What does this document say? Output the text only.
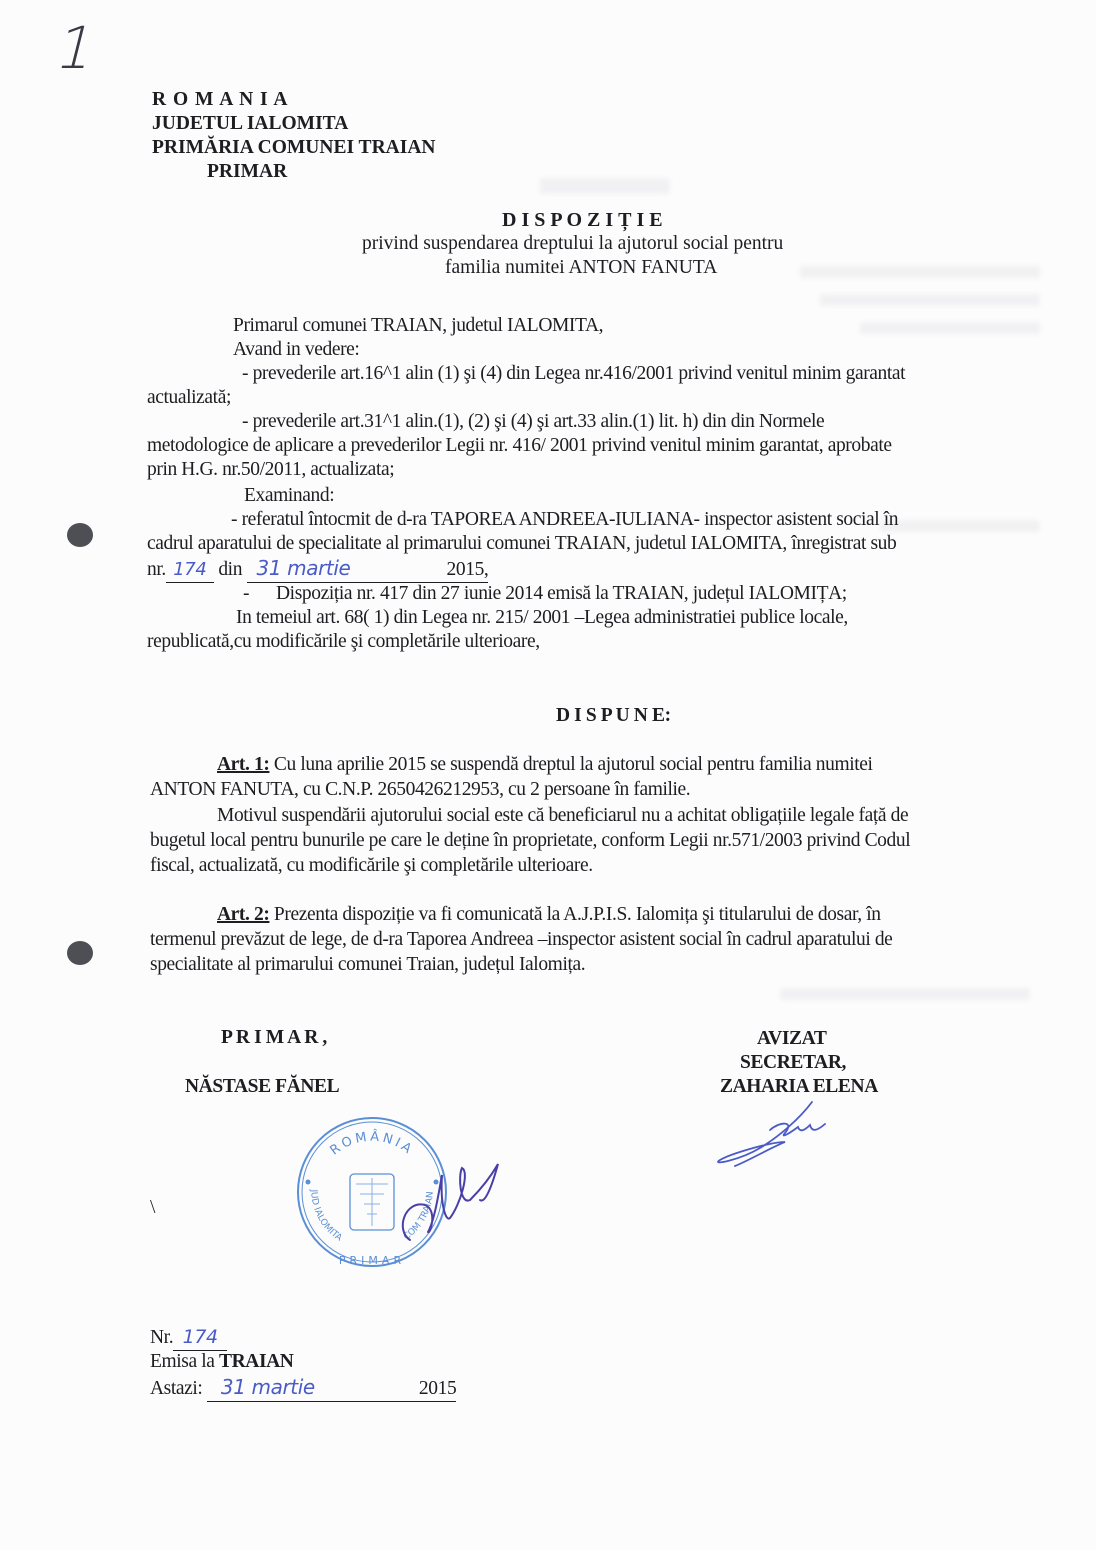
1
R O M A N I A
JUDETUL IALOMITA
PRIMĂRIA COMUNEI TRAIAN
PRIMAR
D I S P O Z I Ț I E
privind suspendarea dreptului la ajutorul social pentru
familia numitei ANTON FANUTA
Primarul comunei TRAIAN, judetul IALOMITA,
Avand in vedere:
- prevederile art.16^1 alin (1) şi (4) din Legea nr.416/2001 privind venitul minim garantat
actualizată;
- prevederile art.31^1 alin.(1), (2) şi (4) şi art.33 alin.(1) lit. h) din din Normele
metodologice de aplicare a prevederilor Legii nr. 416/ 2001 privind venitul minim garantat, aprobate
prin H.G. nr.50/2011, actualizata;
Examinand:
- referatul întocmit de d-ra TAPOREA ANDREEA-IULIANA- inspector asistent social în
cadrul aparatului de specialitate al primarului comunei TRAIAN, judetul IALOMITA, înregistrat sub
nr. 174 din 31 martie	2015,
- Dispoziția nr. 417 din 27 iunie 2014 emisă la TRAIAN, județul IALOMIȚA;
In temeiul art. 68( 1) din Legea nr. 215/ 2001 –Legea administratiei publice locale,
republicată,cu modificările şi completările ulterioare,
D I S P U N E:
Art. 1: Cu luna aprilie 2015 se suspendă dreptul la ajutorul social pentru familia numitei
ANTON FANUTA, cu C.N.P. 2650426212953, cu 2 persoane în familie.
Motivul suspendării ajutorului social este că beneficiarul nu a achitat obligațiile legale față de
bugetul local pentru bunurile pe care le deține în proprietate, conform Legii nr.571/2003 privind Codul
fiscal, actualizată, cu modificările şi completările ulterioare.
Art. 2: Prezenta dispoziție va fi comunicată la A.J.P.I.S. Ialomița şi titularului de dosar, în
termenul prevăzut de lege, de d-ra Taporea Andreea –inspector asistent social în cadrul aparatului de
specialitate al primarului comunei Traian, județul Ialomița.
P R I M A R ,
NĂSTASE FĂNEL
AVIZAT
SECRETAR,
ZAHARIA ELENA
ROMÂNIA
JUD IALOMITA	COM TRAIAN
PRIMAR
\
Nr. 174
Emisa la TRAIAN
Astazi: 31 martie	2015
